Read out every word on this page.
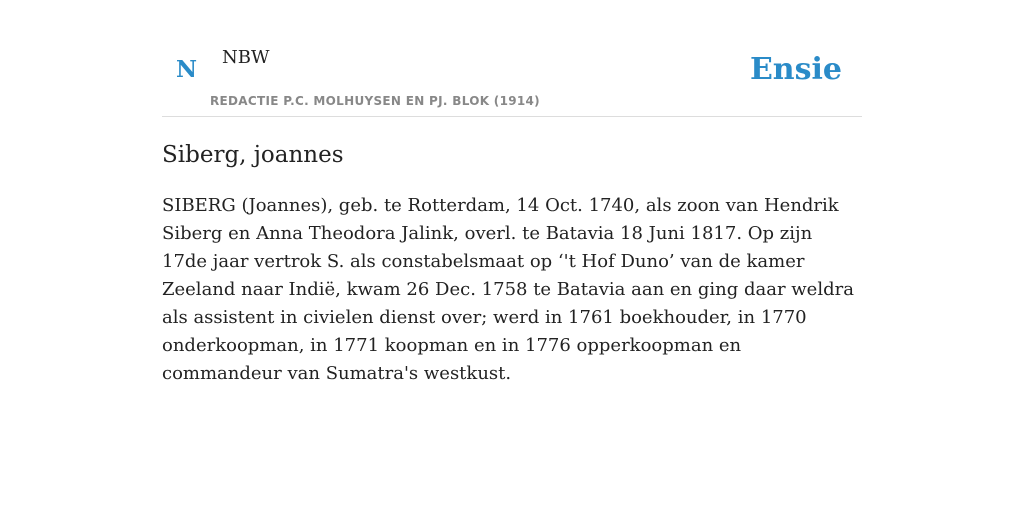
N NBW
REDACTIE P.C. MOLHUYSEN EN PJ. BLOK (1914)
Ensie
Siberg, joannes

SIBERG (Joannes), geb. te Rotterdam, 14 Oct. 1740, als zoon van Hendrik Siberg en Anna Theodora Jalink, overl. te Batavia 18 Juni 1817. Op zijn 17de jaar vertrok S. als constabelsmaat op ‘'t Hof Duno’ van de kamer Zeeland naar Indië, kwam 26 Dec. 1758 te Batavia aan en ging daar weldra als assistent in civielen dienst over; werd in 1761 boekhouder, in 1770 onderkoopman, in 1771 koopman en in 1776 opperkoopman en commandeur van Sumatra's westkust.
